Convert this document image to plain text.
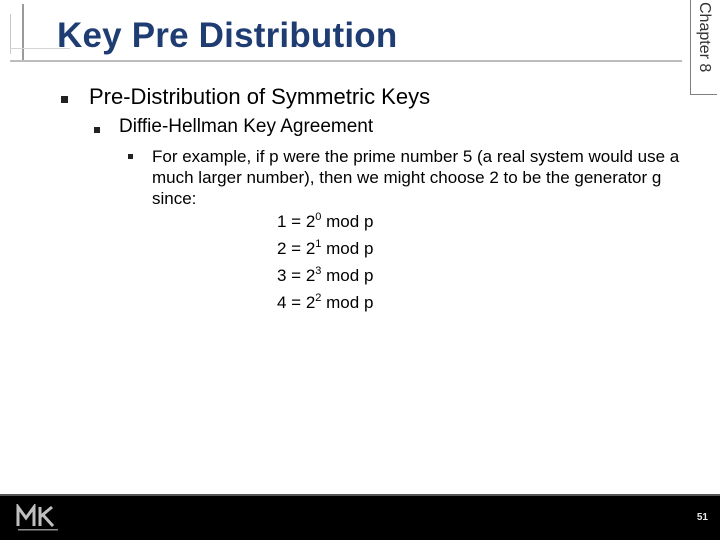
Key Pre Distribution	Chapter 8
Pre-Distribution of Symmetric Keys
Diffie-Hellman Key Agreement
For example, if p were the prime number 5 (a real system would use a much larger number), then we might choose 2 to be the generator g since:
$1 = 2^0$ mod p
$2 = 2^1$ mod p
$3 = 2^3$ mod p
$4 = 2^2$ mod p
51
